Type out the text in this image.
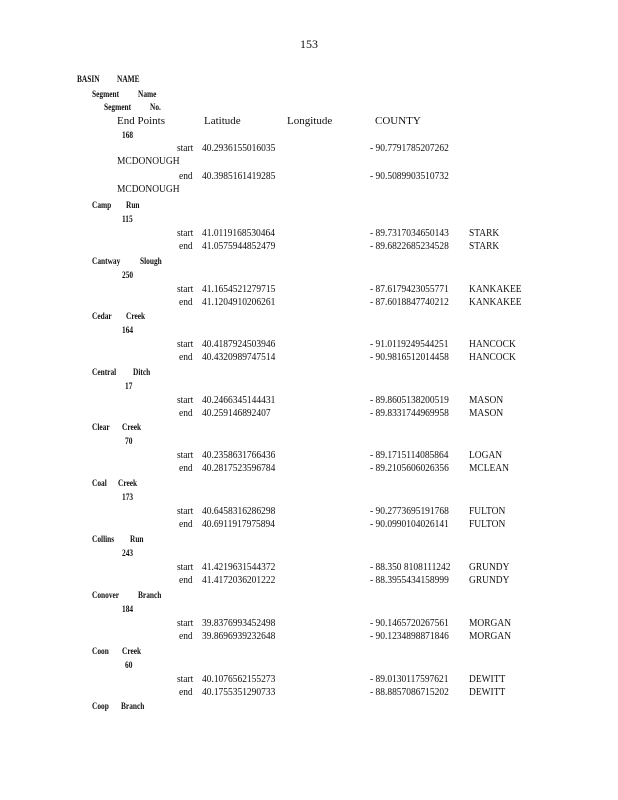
153
BASIN NAME
Segment Name
Segment No.
End Points	Latitude	Longitude	COUNTY
168
start 40.2936155016035	- 90.7791785207262
MCDONOUGH
end 40.3985161419285	- 90.5089903510732
MCDONOUGH
Camp Run
115
start 41.0119168530464	- 89.7317034650143 STARK
end 41.0575944852479	- 89.6822685234528 STARK
Cantway Slough
250
start 41.1654521279715	- 87.6179423055771 KANKAKEE
end 41.1204910206261	- 87.6018847740212 KANKAKEE
Cedar Creek
164
start 40.4187924503946	- 91.0119249544251 HANCOCK
end 40.4320989747514	- 90.9816512014458 HANCOCK
Central Ditch
17
start 40.2466345144431	- 89.8605138200519 MASON
end 40.259146892407	- 89.8331744969958 MASON
Clear Creek
70
start 40.2358631766436	- 89.1715114085864 LOGAN
end 40.2817523596784	- 89.2105606026356 MCLEAN
Coal Creek
173
start 40.6458316286298	- 90.2773695191768 FULTON
end 40.6911917975894	- 90.0990104026141 FULTON
Collins Run
243
start 41.4219631544372	- 88.350 8108111242 GRUNDY
end 41.4172036201222	- 88.3955434158999 GRUNDY
Conover Branch
184
start 39.8376993452498	- 90.1465720267561 MORGAN
end 39.8696939232648	- 90.1234898871846 MORGAN
Coon Creek
60
start 40.1076562155273	- 89.0130117597621 DEWITT
end 40.1755351290733	- 88.8857086715202 DEWITT
Coop Branch
